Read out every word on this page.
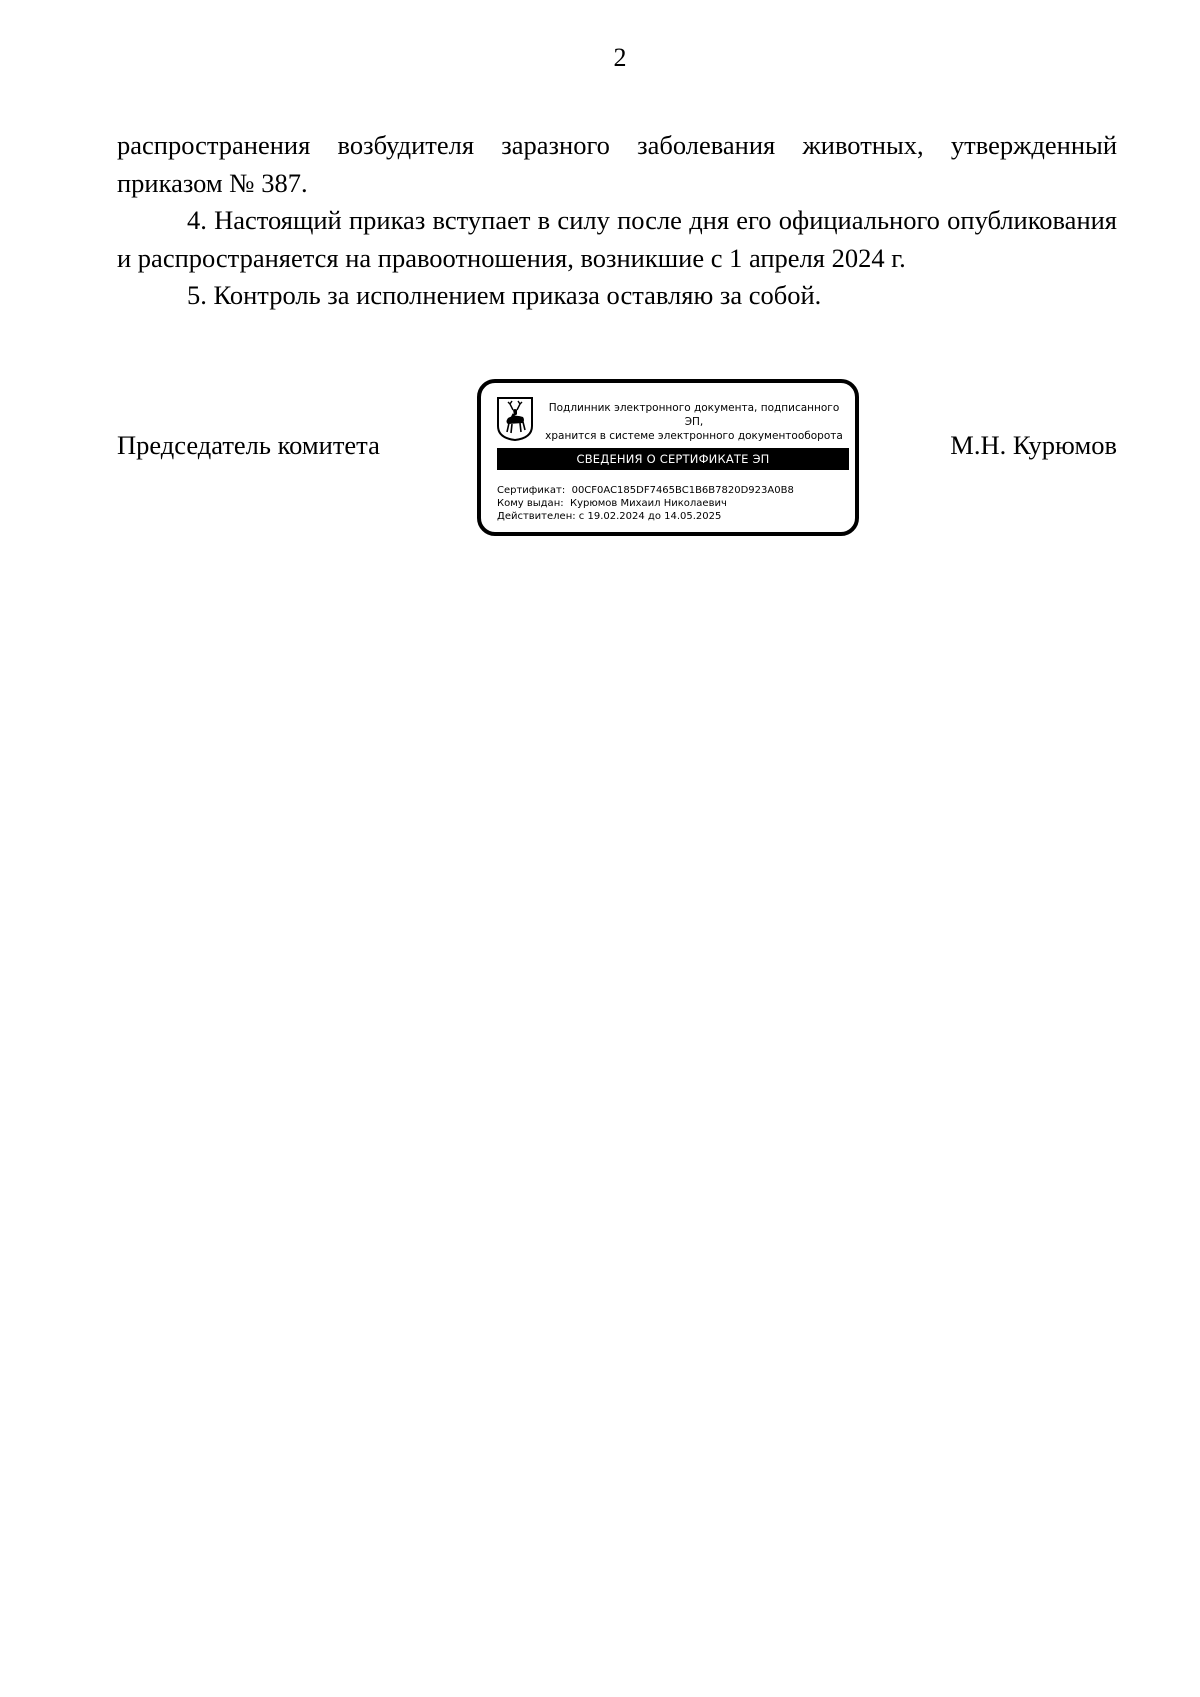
2

распространения возбудителя заразного заболевания животных, утвержденный приказом № 387.

4. Настоящий приказ вступает в силу после дня его официального опубликования и распространяется на правоотношения, возникшие с 1 апреля 2024 г.

5. Контроль за исполнением приказа оставляю за собой.

Председатель комитета	М.Н. Курюмов
Подлинник электронного документа, подписанного ЭП,
хранится в системе электронного документооборота
СВЕДЕНИЯ О СЕРТИФИКАТЕ ЭП
Сертификат: 00CF0AC185DF7465BC1B6B7820D923A0B8
Кому выдан: Курюмов Михаил Николаевич
Действителен: с 19.02.2024 до 14.05.2025
